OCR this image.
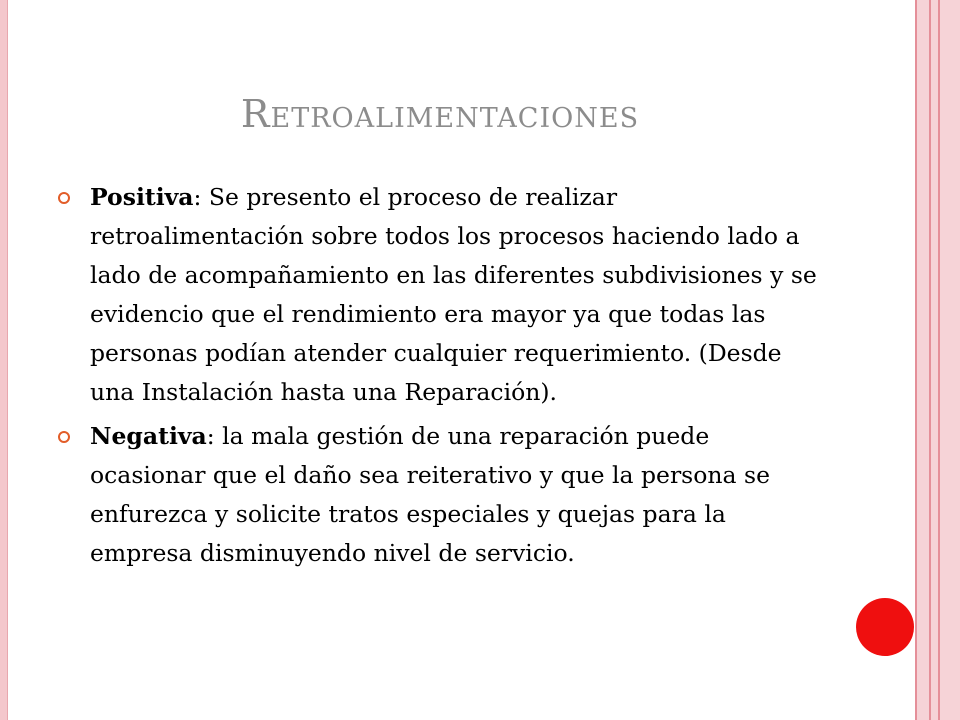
Retroalimentaciones
Positiva: Se presento el proceso de realizar retroalimentación sobre todos los procesos haciendo lado a lado de acompañamiento en las diferentes subdivisiones y se evidencio que el rendimiento era mayor ya que todas las personas podían atender cualquier requerimiento. (Desde una Instalación hasta una Reparación).
Negativa: la mala gestión de una reparación puede ocasionar que el daño sea reiterativo y que la persona se enfurezca y solicite tratos especiales y quejas para la empresa disminuyendo nivel de servicio.
